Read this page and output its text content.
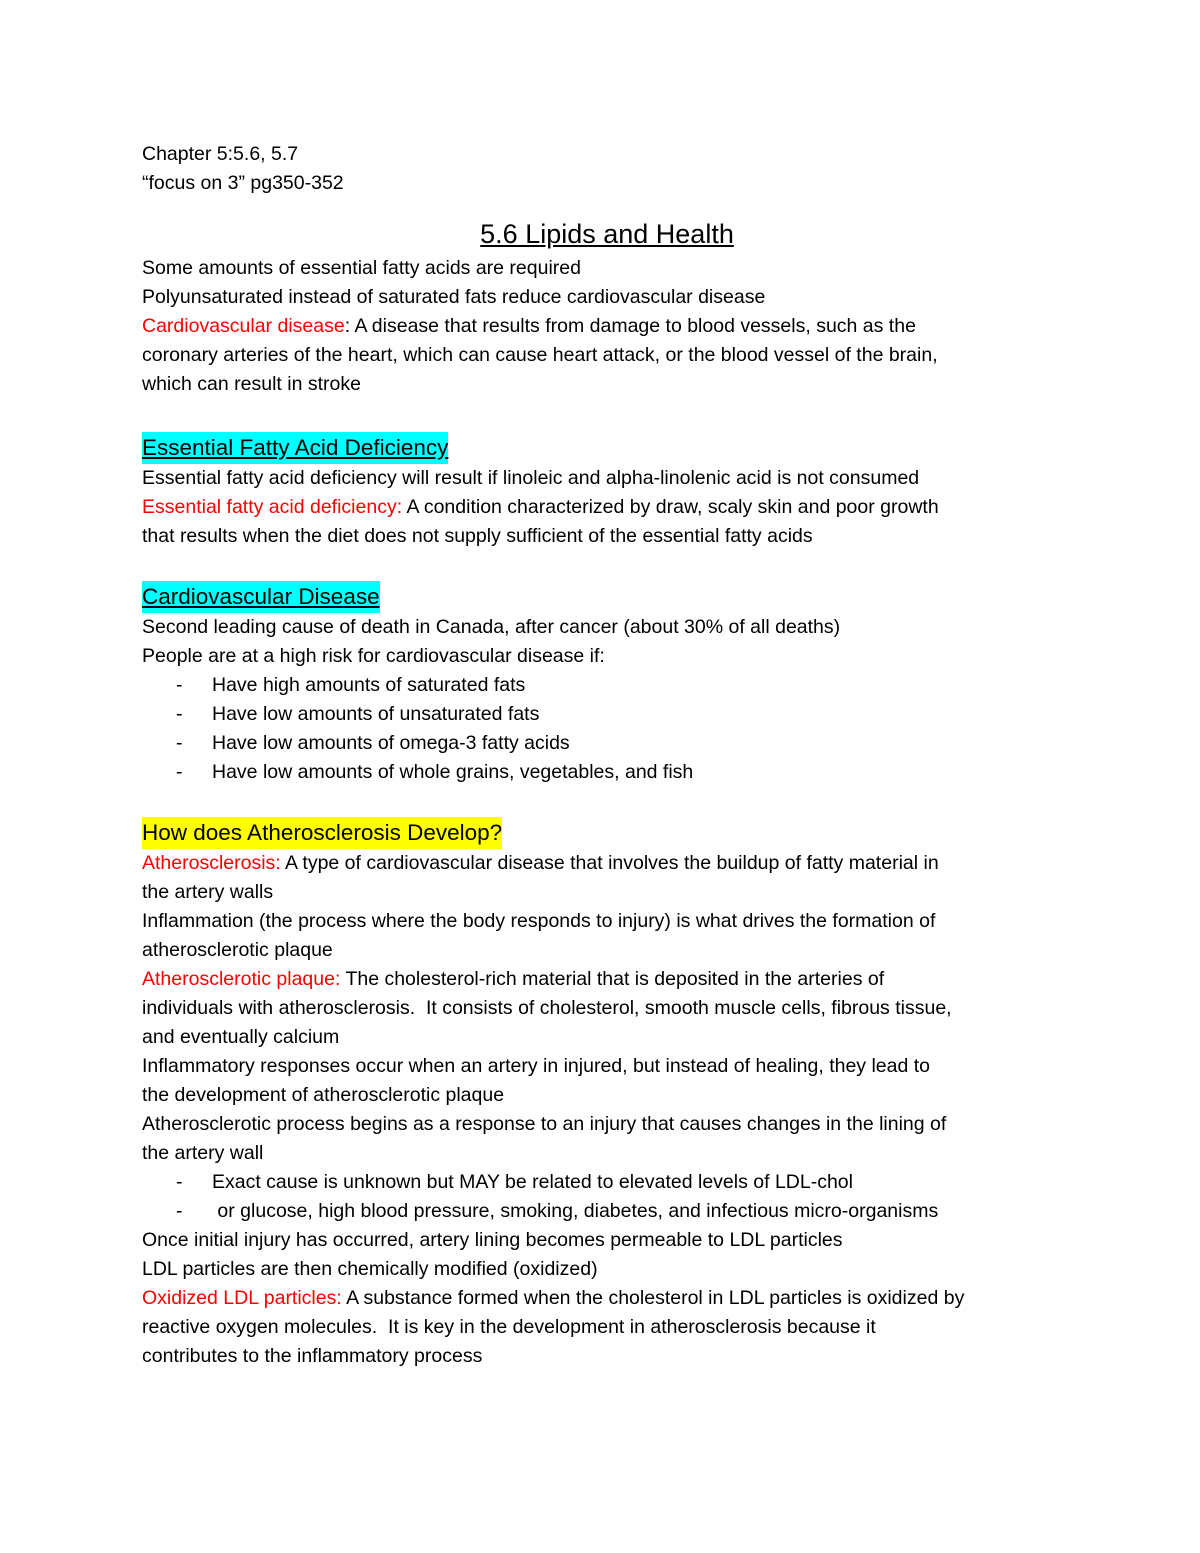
Chapter 5:5.6, 5.7
“focus on 3” pg350-352
5.6 Lipids and Health
Some amounts of essential fatty acids are required
Polyunsaturated instead of saturated fats reduce cardiovascular disease
Cardiovascular disease: A disease that results from damage to blood vessels, such as the
coronary arteries of the heart, which can cause heart attack, or the blood vessel of the brain,
which can result in stroke
Essential Fatty Acid Deficiency
Essential fatty acid deficiency will result if linoleic and alpha-linolenic acid is not consumed
Essential fatty acid deficiency: A condition characterized by draw, scaly skin and poor growth
that results when the diet does not supply sufficient of the essential fatty acids
Cardiovascular Disease
Second leading cause of death in Canada, after cancer (about 30% of all deaths)
People are at a high risk for cardiovascular disease if:
-	Have high amounts of saturated fats
-	Have low amounts of unsaturated fats
-	Have low amounts of omega-3 fatty acids
-	Have low amounts of whole grains, vegetables, and fish
How does Atherosclerosis Develop?
Atherosclerosis: A type of cardiovascular disease that involves the buildup of fatty material in
the artery walls
Inflammation (the process where the body responds to injury) is what drives the formation of
atherosclerotic plaque
Atherosclerotic plaque: The cholesterol-rich material that is deposited in the arteries of
individuals with atherosclerosis.  It consists of cholesterol, smooth muscle cells, fibrous tissue,
and eventually calcium
Inflammatory responses occur when an artery in injured, but instead of healing, they lead to
the development of atherosclerotic plaque
Atherosclerotic process begins as a response to an injury that causes changes in the lining of
the artery wall
-	Exact cause is unknown but MAY be related to elevated levels of LDL-chol
-	or glucose, high blood pressure, smoking, diabetes, and infectious micro-organisms
Once initial injury has occurred, artery lining becomes permeable to LDL particles
LDL particles are then chemically modified (oxidized)
Oxidized LDL particles: A substance formed when the cholesterol in LDL particles is oxidized by
reactive oxygen molecules.  It is key in the development in atherosclerosis because it
contributes to the inflammatory process
